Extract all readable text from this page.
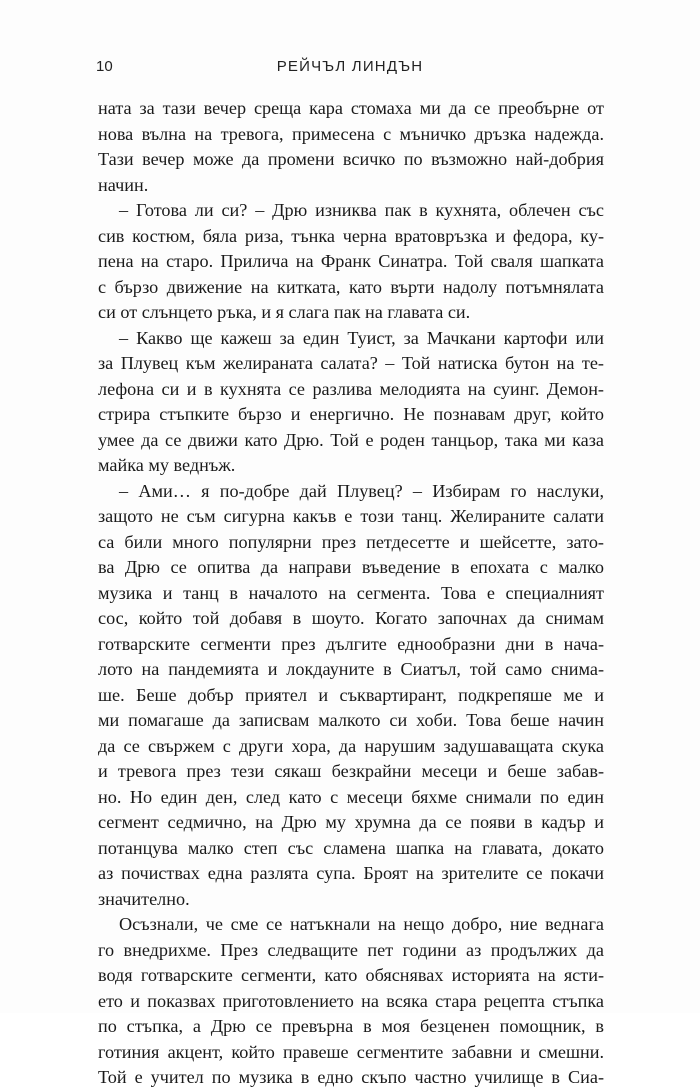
10	РЕЙЧЪЛ ЛИНДЪН
ната за тази вечер среща кара стомаха ми да се преобърне от
нова вълна на тревога, примесена с мъничко дръзка надежда.
Тази вечер може да промени всичко по възможно най-добрия
начин.
– Готова ли си? – Дрю изниква пак в кухнята, облечен със
сив костюм, бяла риза, тънка черна вратовръзка и федора, ку-
пена на старо. Прилича на Франк Синатра. Той сваля шапката
с бързо движение на китката, като върти надолу потъмнялата
си от слънцето ръка, и я слага пак на главата си.
– Какво ще кажеш за един Туист, за Мачкани картофи или
за Плувец към желираната салата? – Той натиска бутон на те-
лефона си и в кухнята се разлива мелодията на суинг. Демон-
стрира стъпките бързо и енергично. Не познавам друг, който
умее да се движи като Дрю. Той е роден танцьор, така ми каза
майка му веднъж.
– Ами… я по-добре дай Плувец? – Избирам го наслуки,
защото не съм сигурна какъв е този танц. Желираните салати
са били много популярни през петдесетте и шейсетте, зато-
ва Дрю се опитва да направи въведение в епохата с малко
музика и танц в началото на сегмента. Това е специалният
сос, който той добавя в шоуто. Когато започнах да снимам
готварските сегменти през дългите еднообразни дни в нача-
лото на пандемията и локдауните в Сиатъл, той само снима-
ше. Беше добър приятел и съквартирант, подкрепяше ме и
ми помагаше да записвам малкото си хоби. Това беше начин
да се свържем с други хора, да нарушим задушаващата скука
и тревога през тези сякаш безкрайни месеци и беше забав-
но. Но един ден, след като с месеци бяхме снимали по един
сегмент седмично, на Дрю му хрумна да се появи в кадър и
потанцува малко степ със сламена шапка на главата, докато
аз почиствах една разлята супа. Броят на зрителите се покачи
значително.
Осъзнали, че сме се натъкнали на нещо добро, ние веднага
го внедрихме. През следващите пет години аз продължих да
водя готварските сегменти, като обяснявах историята на ясти-
ето и показвах приготовлението на всяка стара рецепта стъпка
по стъпка, а Дрю се превърна в моя безценен помощник, в
готиния акцент, който правеше сегментите забавни и смешни.
Той е учител по музика в едно скъпо частно училище в Сиа-
